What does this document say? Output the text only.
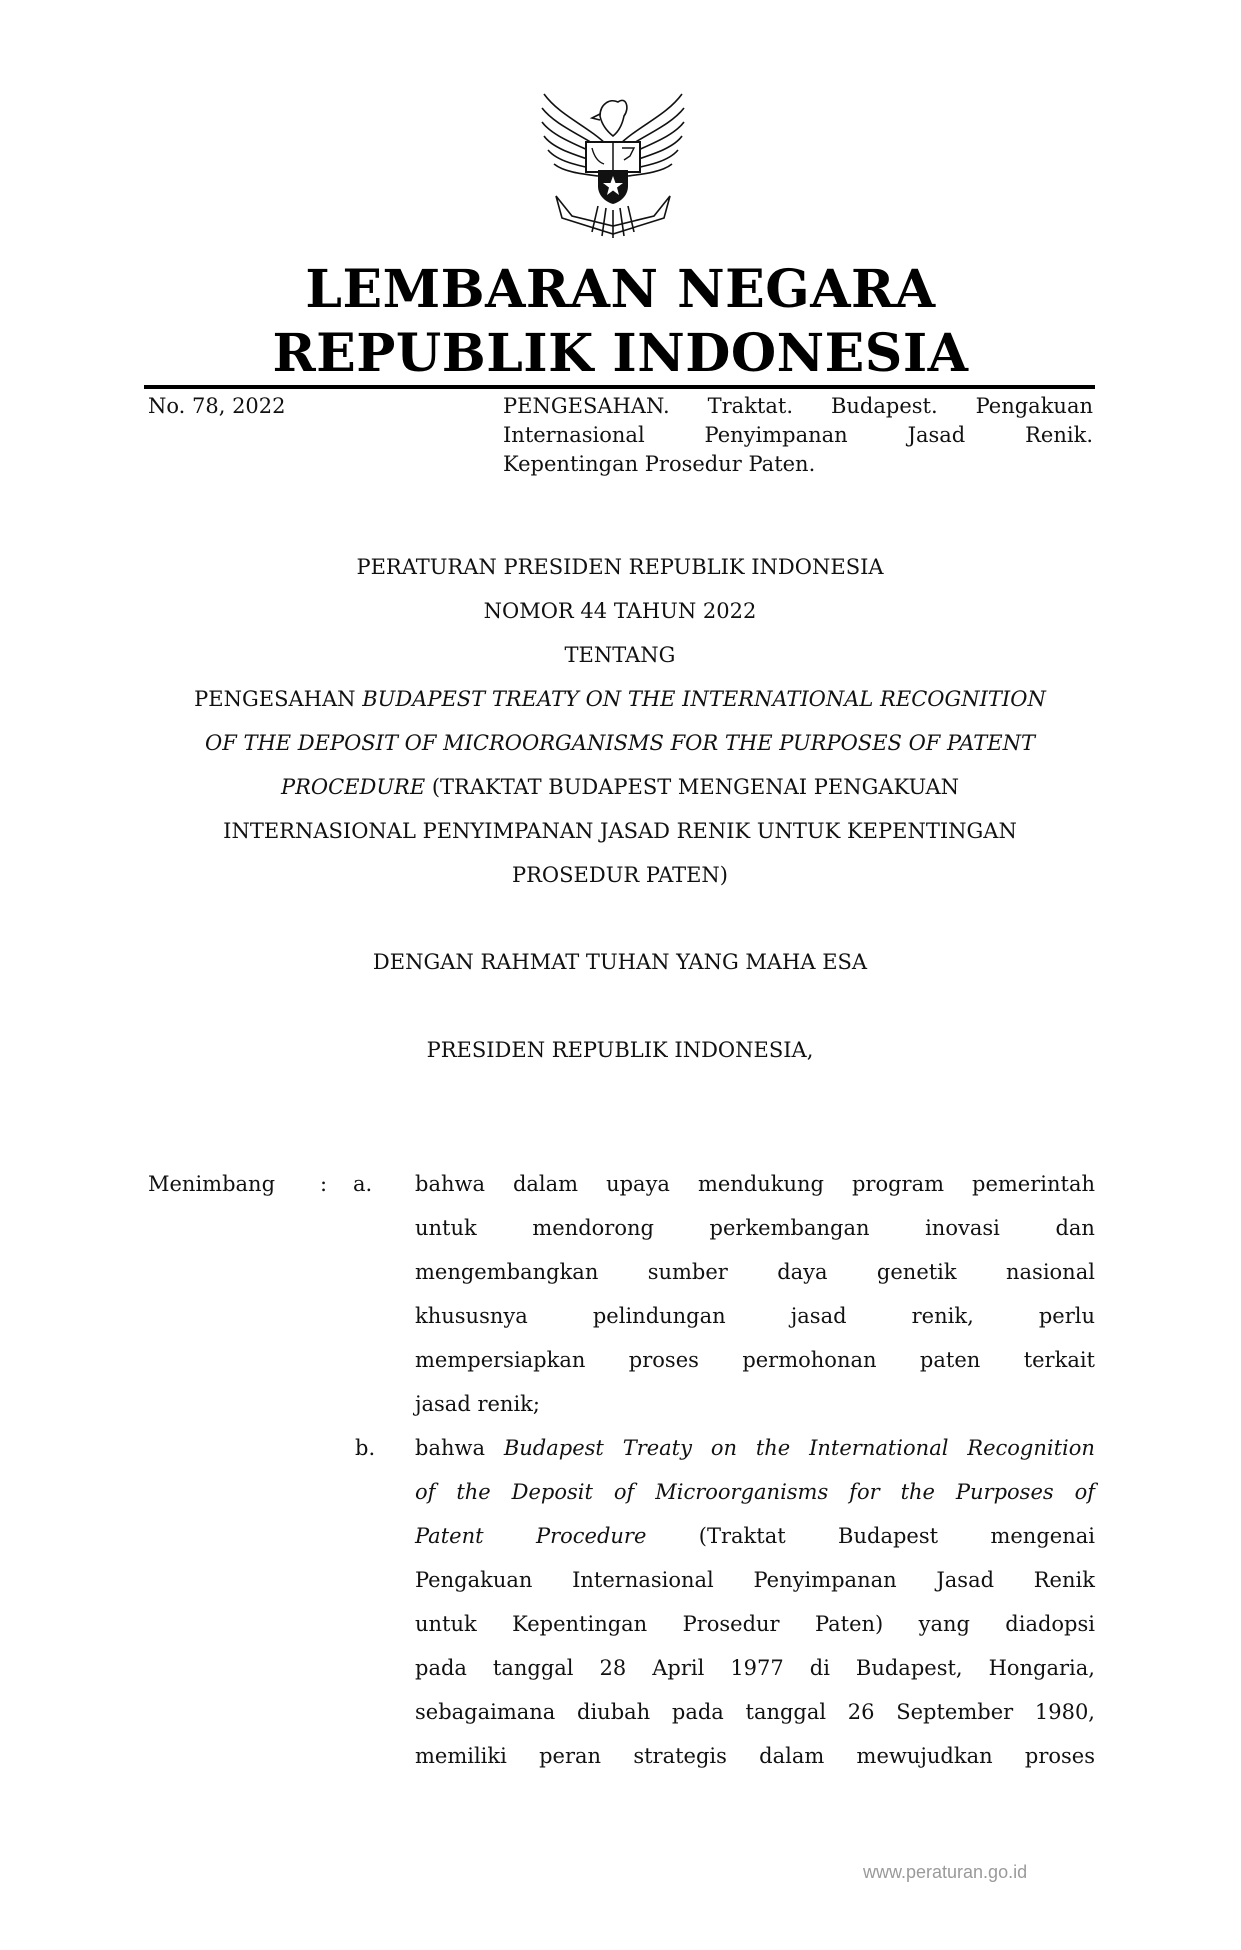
LEMBARAN NEGARA
REPUBLIK INDONESIA
No. 78, 2022	PENGESAHAN. Traktat. Budapest. Pengakuan
Internasional Penyimpanan Jasad Renik.
Kepentingan Prosedur Paten.
PERATURAN PRESIDEN REPUBLIK INDONESIA
NOMOR 44 TAHUN 2022
TENTANG
PENGESAHAN BUDAPEST TREATY ON THE INTERNATIONAL RECOGNITION
OF THE DEPOSIT OF MICROORGANISMS FOR THE PURPOSES OF PATENT
PROCEDURE (TRAKTAT BUDAPEST MENGENAI PENGAKUAN
INTERNASIONAL PENYIMPANAN JASAD RENIK UNTUK KEPENTINGAN
PROSEDUR PATEN)
DENGAN RAHMAT TUHAN YANG MAHA ESA
PRESIDEN REPUBLIK INDONESIA,
Menimbang : a. bahwa dalam upaya mendukung program pemerintah
untuk	mendorong	perkembangan	inovasi	dan
mengembangkan sumber daya genetik nasional
khususnya	pelindungan	jasad	renik,	perlu
mempersiapkan proses permohonan paten terkait
jasad renik;
b. bahwa Budapest Treaty on the International Recognition
of the Deposit of Microorganisms for the Purposes of
Patent Procedure (Traktat Budapest mengenai
Pengakuan Internasional Penyimpanan Jasad Renik
untuk Kepentingan Prosedur Paten) yang diadopsi
pada tanggal 28 April 1977 di Budapest, Hongaria,
sebagaimana diubah pada tanggal 26 September 1980,
memiliki peran strategis dalam mewujudkan proses
www.peraturan.go.id
